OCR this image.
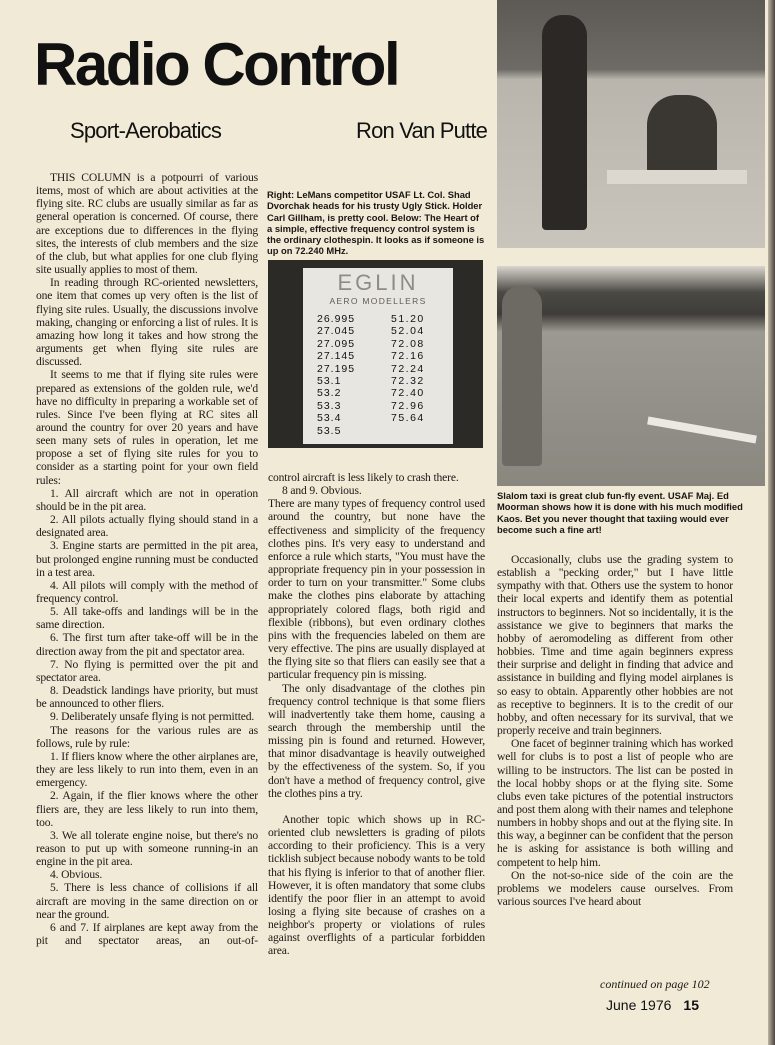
Radio Control
Sport-Aerobatics	Ron Van Putte
Right: LeMans competitor USAF Lt. Col. Shad Dvorchak heads for his trusty Ugly Stick. Holder Carl Gillham, is pretty cool. Below: The Heart of a simple, effective frequency control system is the ordinary clothespin. It looks as if someone is up on 72.240 MHz.
EGLIN
AERO MODELLERS
26.995
27.045
27.095
27.145
27.195
53.1
53.2
53.3
53.4
53.5
51.20
52.04
72.08
72.16
72.24
72.32
72.40
72.96
75.64
Slalom taxi is great club fun-fly event. USAF Maj. Ed Moorman shows how it is done with his much modified Kaos. Bet you never thought that taxiing would ever become such a fine art!

THIS COLUMN is a potpourri of various items, most of which are about activities at the flying site. RC clubs are usually similar as far as general operation is concerned. Of course, there are exceptions due to differences in the flying sites, the interests of club members and the size of the club, but what applies for one club flying site usually applies to most of them.

In reading through RC-oriented newsletters, one item that comes up very often is the list of flying site rules. Usually, the discussions involve making, changing or enforcing a list of rules. It is amazing how long it takes and how strong the arguments get when flying site rules are discussed.

It seems to me that if flying site rules were prepared as extensions of the golden rule, we'd have no difficulty in preparing a workable set of rules. Since I've been flying at RC sites all around the country for over 20 years and have seen many sets of rules in operation, let me propose a set of flying site rules for you to consider as a starting point for your own field rules:

1. All aircraft which are not in operation should be in the pit area.

2. All pilots actually flying should stand in a designated area.

3. Engine starts are permitted in the pit area, but prolonged engine running must be conducted in a test area.

4. All pilots will comply with the method of frequency control.

5. All take-offs and landings will be in the same direction.

6. The first turn after take-off will be in the direction away from the pit and spectator area.

7. No flying is permitted over the pit and spectator area.

8. Deadstick landings have priority, but must be announced to other fliers.

9. Deliberately unsafe flying is not permitted.

The reasons for the various rules are as follows, rule by rule:

1. If fliers know where the other airplanes are, they are less likely to run into them, even in an emergency.

2. Again, if the flier knows where the other fliers are, they are less likely to run into them, too.

3. We all tolerate engine noise, but there's no reason to put up with someone running-in an engine in the pit area.

4. Obvious.

5. There is less chance of collisions if all aircraft are moving in the same direction on or near the ground.

6 and 7. If airplanes are kept away from the pit and spectator areas, an out-of-

control aircraft is less likely to crash there.

8 and 9. Obvious.

There are many types of frequency control used around the country, but none have the effectiveness and simplicity of the frequency clothes pins. It's very easy to understand and enforce a rule which starts, "You must have the appropriate frequency pin in your possession in order to turn on your transmitter." Some clubs make the clothes pins elaborate by attaching appropriately colored flags, both rigid and flexible (ribbons), but even ordinary clothes pins with the frequencies labeled on them are very effective. The pins are usually displayed at the flying site so that fliers can easily see that a particular frequency pin is missing.

The only disadvantage of the clothes pin frequency control technique is that some fliers will inadvertently take them home, causing a search through the membership until the missing pin is found and returned. However, that minor disadvantage is heavily outweighed by the effectiveness of the system. So, if you don't have a method of frequency control, give the clothes pins a try.

Another topic which shows up in RC-oriented club newsletters is grading of pilots according to their proficiency. This is a very ticklish subject because nobody wants to be told that his flying is inferior to that of another flier. However, it is often mandatory that some clubs identify the poor flier in an attempt to avoid losing a flying site because of crashes on a neighbor's property or violations of rules against overflights of a particular forbidden area.

Occasionally, clubs use the grading system to establish a "pecking order," but I have little sympathy with that. Others use the system to honor their local experts and identify them as potential instructors to beginners. Not so incidentally, it is the assistance we give to beginners that marks the hobby of aeromodeling as different from other hobbies. Time and time again beginners express their surprise and delight in finding that advice and assistance in building and flying model airplanes is so easy to obtain. Apparently other hobbies are not as receptive to beginners. It is to the credit of our hobby, and often necessary for its survival, that we properly receive and train beginners.

One facet of beginner training which has worked well for clubs is to post a list of people who are willing to be instructors. The list can be posted in the local hobby shops or at the flying site. Some clubs even take pictures of the potential instructors and post them along with their names and telephone numbers in hobby shops and out at the flying site. In this way, a beginner can be confident that the person he is asking for assistance is both willing and competent to help him.

On the not-so-nice side of the coin are the problems we modelers cause ourselves. From various sources I've heard about

continued on page 102
June 1976 15
